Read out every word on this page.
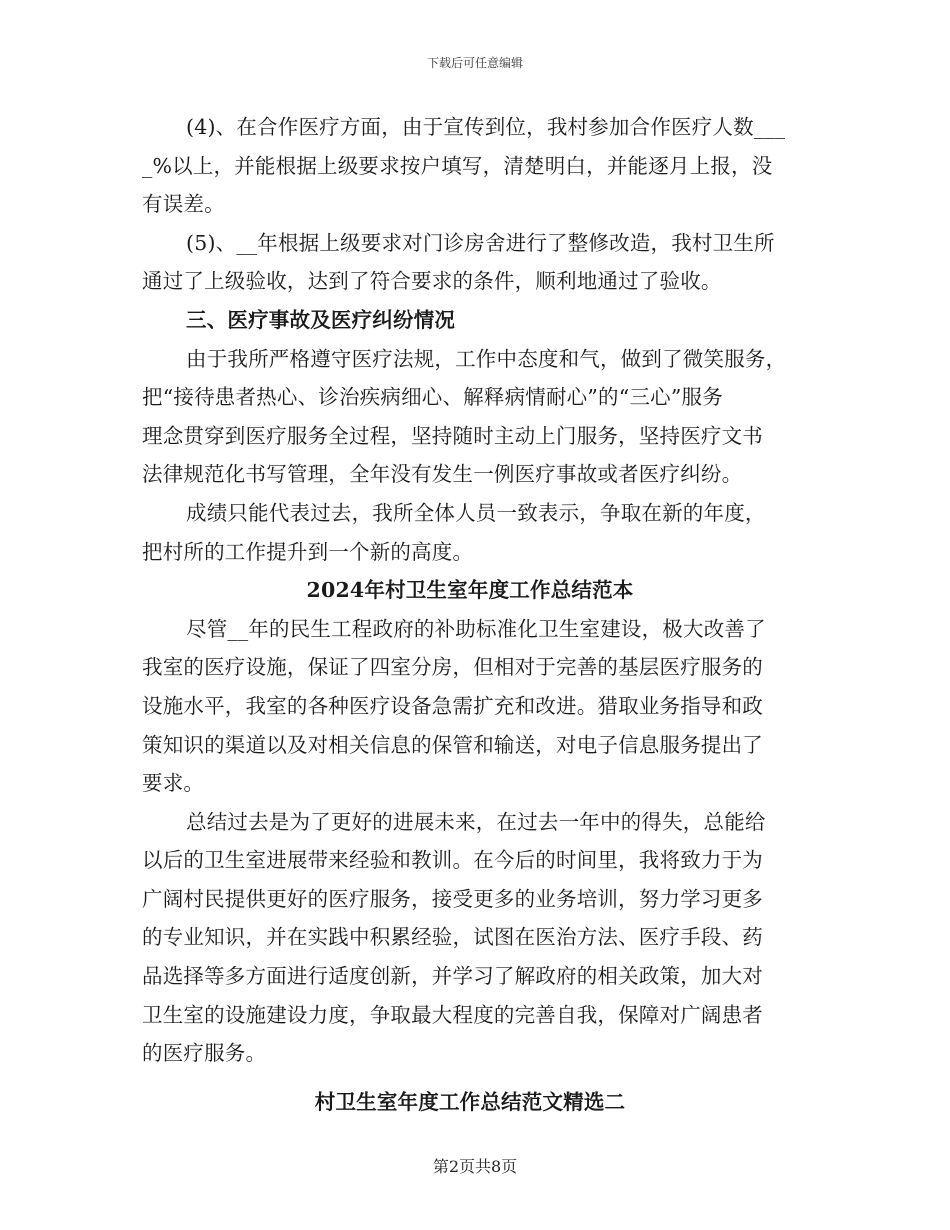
下载后可任意编辑
(4)、在合作医疗方面，由于宣传到位，我村参加合作医疗人数___
_%以上，并能根据上级要求按户填写，清楚明白，并能逐月上报，没
有误差。
(5)、__年根据上级要求对门诊房舍进行了整修改造，我村卫生所
通过了上级验收，达到了符合要求的条件，顺利地通过了验收。
三、医疗事故及医疗纠纷情况
由于我所严格遵守医疗法规，工作中态度和气，做到了微笑服务，
把“接待患者热心、诊治疾病细心、解释病情耐心”的“三心”服务
理念贯穿到医疗服务全过程，坚持随时主动上门服务，坚持医疗文书
法律规范化书写管理，全年没有发生一例医疗事故或者医疗纠纷。
成绩只能代表过去，我所全体人员一致表示，争取在新的年度，
把村所的工作提升到一个新的高度。
2024年村卫生室年度工作总结范本
尽管__年的民生工程政府的补助标准化卫生室建设，极大改善了
我室的医疗设施，保证了四室分房，但相对于完善的基层医疗服务的
设施水平，我室的各种医疗设备急需扩充和改进。猎取业务指导和政
策知识的渠道以及对相关信息的保管和输送，对电子信息服务提出了
要求。
总结过去是为了更好的进展未来，在过去一年中的得失，总能给
以后的卫生室进展带来经验和教训。在今后的时间里，我将致力于为
广阔村民提供更好的医疗服务，接受更多的业务培训，努力学习更多
的专业知识，并在实践中积累经验，试图在医治方法、医疗手段、药
品选择等多方面进行适度创新，并学习了解政府的相关政策，加大对
卫生室的设施建设力度，争取最大程度的完善自我，保障对广阔患者
的医疗服务。
村卫生室年度工作总结范文精选二
第2页共8页
